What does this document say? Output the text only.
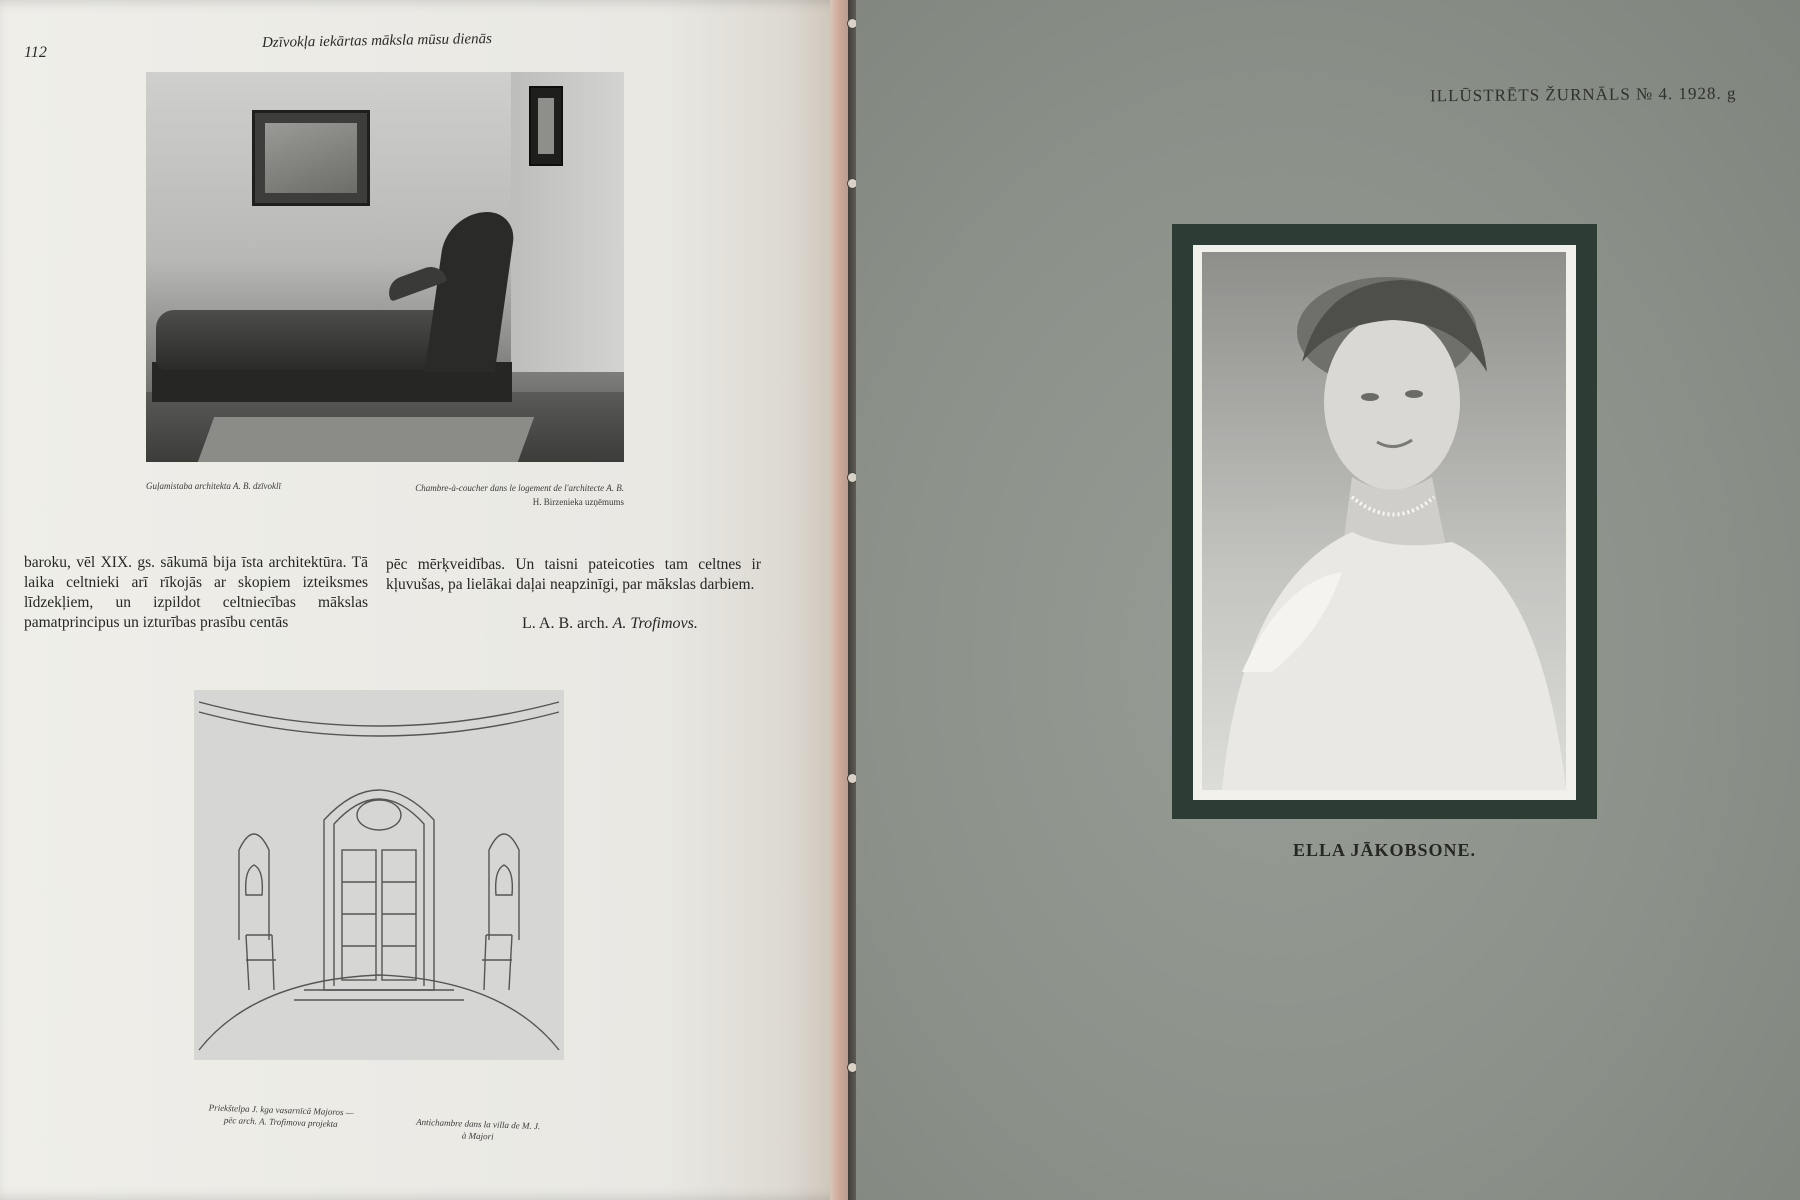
112
Dzīvokļa iekārtas māksla mūsu dienās
Guļamistaba architekta A. B. dzīvoklī	Chambre-à-coucher dans le logement de l'architecte A. B.
H. Birzenieka uzņēmums

baroku, vēl XIX. gs. sākumā bija īsta architektūra. Tā laika celtnieki arī rīkojās ar skopiem izteiksmes līdzekļiem, un izpildot celtniecības mākslas pamatprincipus un izturības prasību centās

pēc mērķveidības. Un taisni pateicoties tam celtnes ir kļuvušas, pa lielākai daļai neapzinīgi, par mākslas darbiem.

L. A. B. arch. A. Trofimovs.
Priekštelpa J. kga vasarnīcā Majoros —
pēc arch. A. Trofimova projekta	Antichambre dans la villa de M. J.
à Majori
ILLŪSTRĒTS ŽURNĀLS № 4. 1928. g
ELLA JĀKOBSONE.
